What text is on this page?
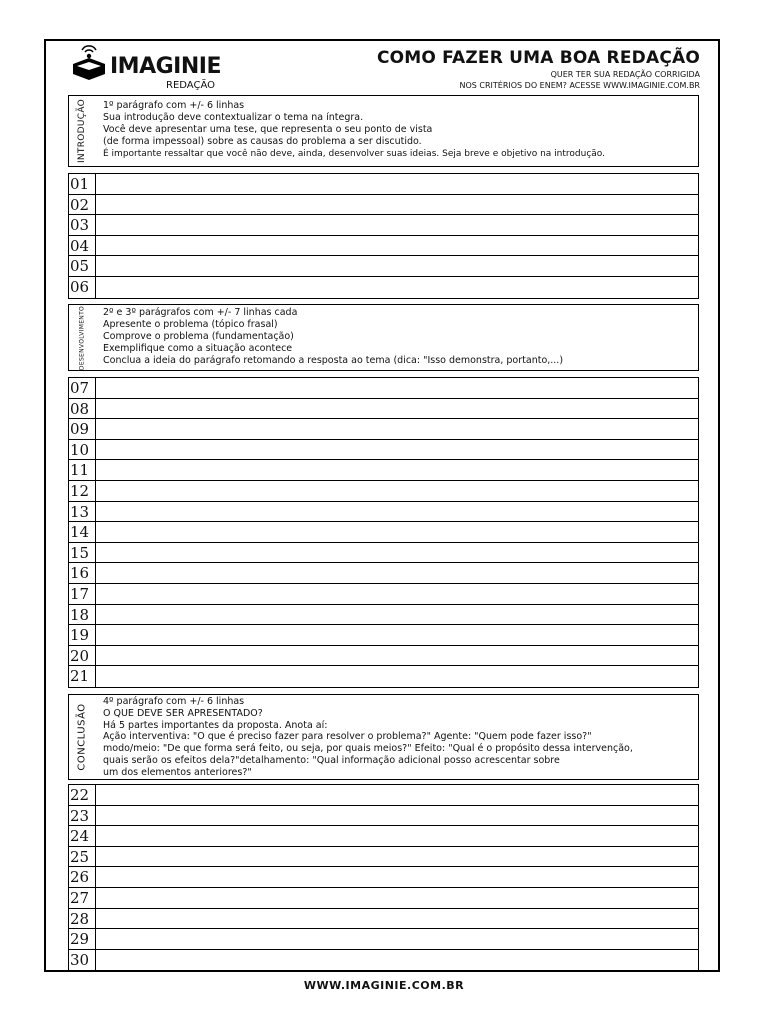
IMAGINIE
REDAÇÃO
COMO FAZER UMA BOA REDAÇÃO
QUER TER SUA REDAÇÃO CORRIGIDA
NOS CRITÉRIOS DO ENEM? ACESSE WWW.IMAGINIE.COM.BR
INTRODUÇÃO 1º parágrafo com +/- 6 linhas
Sua introdução deve contextualizar o tema na íntegra.
Você deve apresentar uma tese, que representa o seu ponto de vista
(de forma impessoal) sobre as causas do problema a ser discutido.
É importante ressaltar que você não deve, ainda, desenvolver suas ideias. Seja breve e objetivo na introdução.
01
02
03
04
05
06
DESENVOLVIMENTO 2º e 3º parágrafos com +/- 7 linhas cada
Apresente o problema (tópico frasal)
Comprove o problema (fundamentação)
Exemplifique como a situação acontece
Conclua a ideia do parágrafo retomando a resposta ao tema (dica: "Isso demonstra, portanto,...)
07
08
09
10
11
12
13
14
15
16
17
18
19
20
21
CONCLUSÃO
4º parágrafo com +/- 6 linhas
O QUE DEVE SER APRESENTADO?
Há 5 partes importantes da proposta. Anota aí:
Ação interventiva: "O que é preciso fazer para resolver o problema?" Agente: "Quem pode fazer isso?"
modo/meio: "De que forma será feito, ou seja, por quais meios?" Efeito: "Qual é o propósito dessa intervenção,
quais serão os efeitos dela?"detalhamento: "Qual informação adicional posso acrescentar sobre
um dos elementos anteriores?"
22
23
24
25
26
27
28
29
30
WWW.IMAGINIE.COM.BR
